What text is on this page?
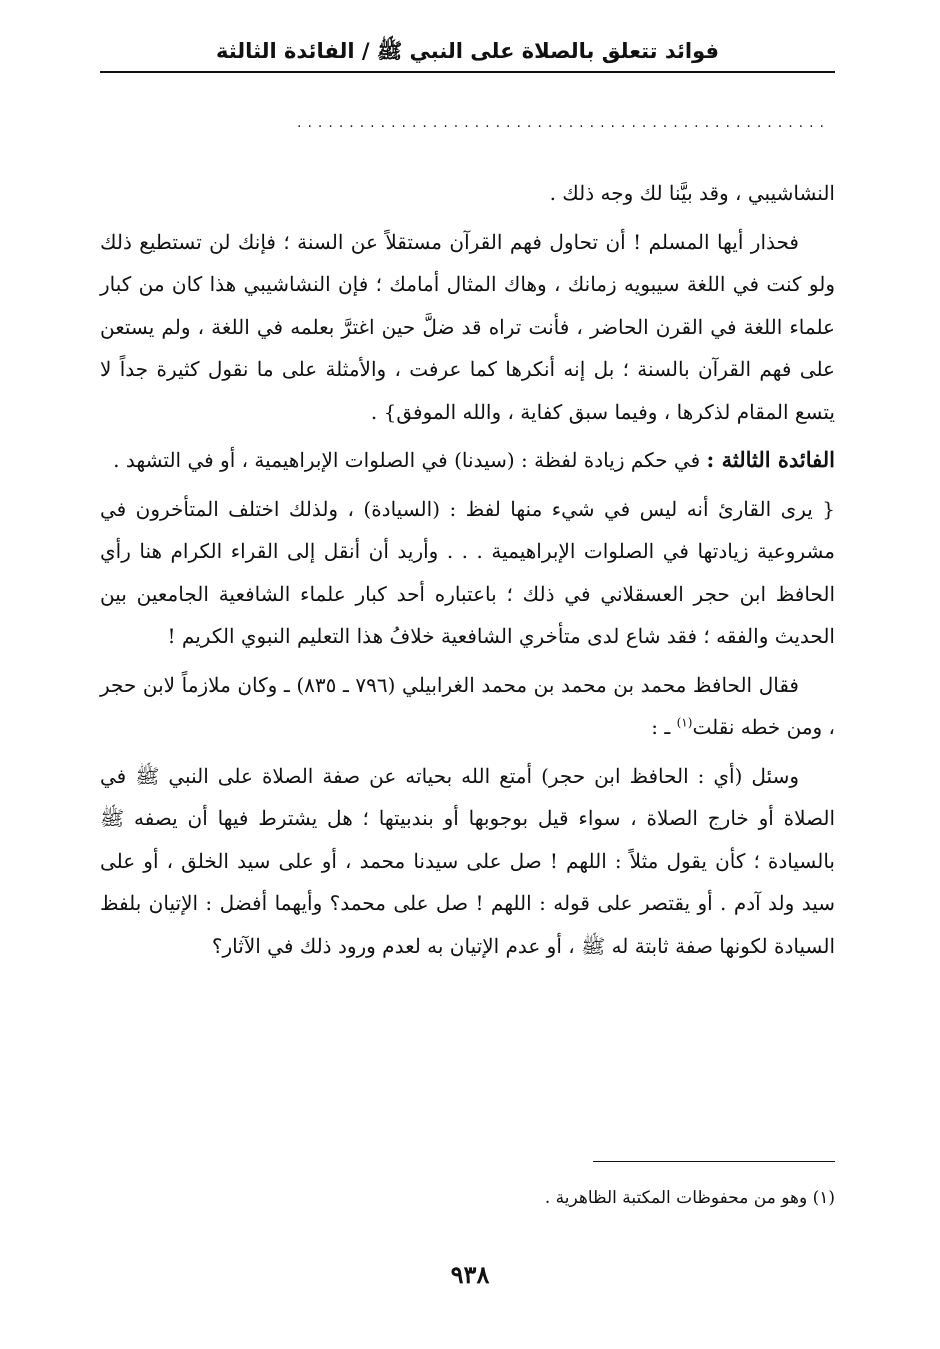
فوائد تتعلق بالصلاة على النبي ﷺ / الفائدة الثالثة
...................................................

النشاشيبي ، وقد بيَّنا لك وجه ذلك .

فحذار أيها المسلم ! أن تحاول فهم القرآن مستقلاً عن السنة ؛ فإنك لن تستطيع ذلك ولو كنت في اللغة سيبويه زمانك ، وهاك المثال أمامك ؛ فإن النشاشيبي هذا كان من كبار علماء اللغة في القرن الحاضر ، فأنت تراه قد ضلَّ حين اغترَّ بعلمه في اللغة ، ولم يستعن على فهم القرآن بالسنة ؛ بل إنه أنكرها كما عرفت ، والأمثلة على ما نقول كثيرة جداً لا يتسع المقام لذكرها ، وفيما سبق كفاية ، والله الموفق} .

الفائدة الثالثة : في حكم زيادة لفظة : (سيدنا) في الصلوات الإبراهيمية ، أو في التشهد .

{ يرى القارئ أنه ليس في شيء منها لفظ : (السيادة) ، ولذلك اختلف المتأخرون في مشروعية زيادتها في الصلوات الإبراهيمية . . . وأريد أن أنقل إلى القراء الكرام هنا رأي الحافظ ابن حجر العسقلاني في ذلك ؛ باعتباره أحد كبار علماء الشافعية الجامعين بين الحديث والفقه ؛ فقد شاع لدى متأخري الشافعية خلافُ هذا التعليم النبوي الكريم !

فقال الحافظ محمد بن محمد بن محمد الغرابيلي (٧٩٦ ـ ٨٣٥) ـ وكان ملازماً لابن حجر ، ومن خطه نقلت$^{(١)}$ ـ :

وسئل (أي : الحافظ ابن حجر) أمتع الله بحياته عن صفة الصلاة على النبي ﷺ في الصلاة أو خارج الصلاة ، سواء قيل بوجوبها أو بندبيتها ؛ هل يشترط فيها أن يصفه ﷺ بالسيادة ؛ كأن يقول مثلاً : اللهم ! صل على سيدنا محمد ، أو على سيد الخلق ، أو على سيد ولد آدم . أو يقتصر على قوله : اللهم ! صل على محمد؟ وأيهما أفضل : الإتيان بلفظ السيادة لكونها صفة ثابتة له ﷺ ، أو عدم الإتيان به لعدم ورود ذلك في الآثار؟

(١) وهو من محفوظات المكتبة الظاهرية .
٩٣٨
